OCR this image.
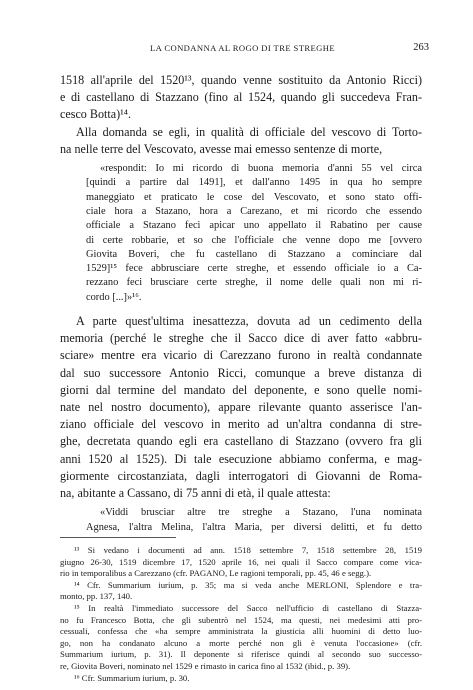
LA CONDANNA AL ROGO DI TRE STREGHE	263
1518 all'aprile del 1520¹³, quando venne sostituito da Antonio Ricci)
e di castellano di Stazzano (fino al 1524, quando gli succedeva Fran-
cesco Botta)¹⁴.
Alla domanda se egli, in qualità di officiale del vescovo di Torto-
na nelle terre del Vescovato, avesse mai emesso sentenze di morte,
«respondit: Io mi ricordo di buona memoria d'anni 55 vel circa
[quindi a partire dal 1491], et dall'anno 1495 in qua ho sempre
maneggiato et praticato le cose del Vescovato, et sono stato offi-
ciale hora a Stazano, hora a Carezano, et mi ricordo che essendo
officiale a Stazano feci apicar uno appellato il Rabatino per cause
di certe robbarie, et so che l'officiale che venne dopo me [ovvero
Giovita Boveri, che fu castellano di Stazzano a cominciare dal
1529]¹⁵ fece abbrusciare certe streghe, et essendo officiale io a Ca-
rezzano feci brusciare certe streghe, il nome delle quali non mi ri-
cordo [...]»¹⁶.
A parte quest'ultima inesattezza, dovuta ad un cedimento della
memoria (perché le streghe che il Sacco dice di aver fatto «abbru-
sciare» mentre era vicario di Carezzano furono in realtà condannate
dal suo successore Antonio Ricci, comunque a breve distanza di
giorni dal termine del mandato del deponente, e sono quelle nomi-
nate nel nostro documento), appare rilevante quanto asserisce l'an-
ziano officiale del vescovo in merito ad un'altra condanna di stre-
ghe, decretata quando egli era castellano di Stazzano (ovvero fra gli
anni 1520 al 1525). Di tale esecuzione abbiamo conferma, e mag-
giormente circostanziata, dagli interrogatori di Giovanni de Roma-
na, abitante a Cassano, di 75 anni di età, il quale attesta:
«Viddi brusciar altre tre streghe a Stazano, l'una nominata
Agnesa, l'altra Melina, l'altra Maria, per diversi delitti, et fu detto
¹³ Si vedano i documenti ad ann. 1518 settembre 7, 1518 settembre 28, 1519
giugno 26-30, 1519 dicembre 17, 1520 aprile 16, nei quali il Sacco compare come vica-
rio in temporalibus a Carezzano (cfr. PAGANO, Le ragioni temporali, pp. 45, 46 e segg.).
¹⁴ Cfr. Summarium iurium, p. 35; ma si veda anche MERLONI, Splendore e tra-
monto, pp. 137, 140.
¹⁵ In realtà l'immediato successore del Sacco nell'ufficio di castellano di Stazza-
no fu Francesco Botta, che gli subentrò nel 1524, ma questi, nei medesimi atti pro-
cessuali, confessa che «ha sempre amministrata la giusticia alli huomini di detto luo-
go, non ha condanato alcuno a morte perché non gli è venuta l'occasione» (cfr.
Summarium iurium, p. 31). Il deponente si riferisce quindi al secondo suo successo-
re, Giovita Boveri, nominato nel 1529 e rimasto in carica fino al 1532 (ibid., p. 39).
¹⁶ Cfr. Summarium iurium, p. 30.
